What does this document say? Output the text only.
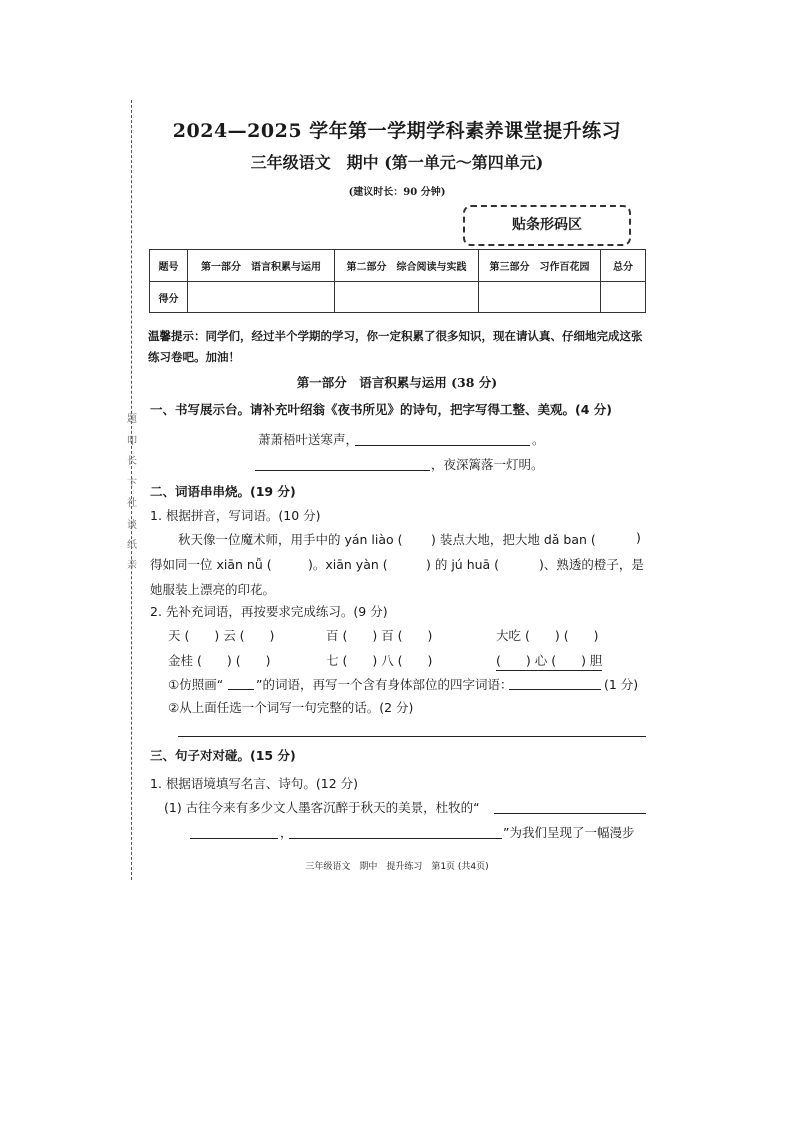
题
叩
长
卞
社
谈
纸
亲
2024—2025 学年第一学期学科素养课堂提升练习
三年级语文　期中 (第一单元～第四单元)
(建议时长：90 分钟)
贴条形码区
题号	第一部分　语言积累与运用	第二部分　综合阅读与实践	第三部分　习作百花园	总分
得分				
温馨提示：同学们，经过半个学期的学习，你一定积累了很多知识，现在请认真、仔细地完成这张练习卷吧。加油！
第一部分　语言积累与运用 (38 分)
一、书写展示台。请补充叶绍翁《夜书所见》的诗句，把字写得工整、美观。(4 分)
萧萧梧叶送寒声，	。
，夜深篱落一灯明。
二、词语串串烧。(19 分)
1. 根据拼音，写词语。(10 分)
秋天像一位魔术师，用手中的 yán liào ( ) 装点大地，把大地 dǎ ban (	)
得如同一位 xiān nǚ (	)。xiān yàn (	) 的 jú huā (	)、熟透的橙子，是
她服装上漂亮的印花。
2. 先补充词语，再按要求完成练习。(9 分)
天 (　　) 云 (　　)	百 (　　) 百 (　　)	大吃 (　　) (　　)
金桂 (　　) (　　)	七 (　　) 八 (　　)	(　　) 心 (　　) 胆
①仿照画“	”的词语，再写一个含有身体部位的四字词语：	(1 分)
②从上面任选一个词写一句完整的话。(2 分)
三、句子对对碰。(15 分)
1. 根据语境填写名言、诗句。(12 分)
(1) 古往今来有多少文人墨客沉醉于秋天的美景，杜牧的“
，	”为我们呈现了一幅漫步
三年级语文　期中　提升练习　第1页 (共4页)
